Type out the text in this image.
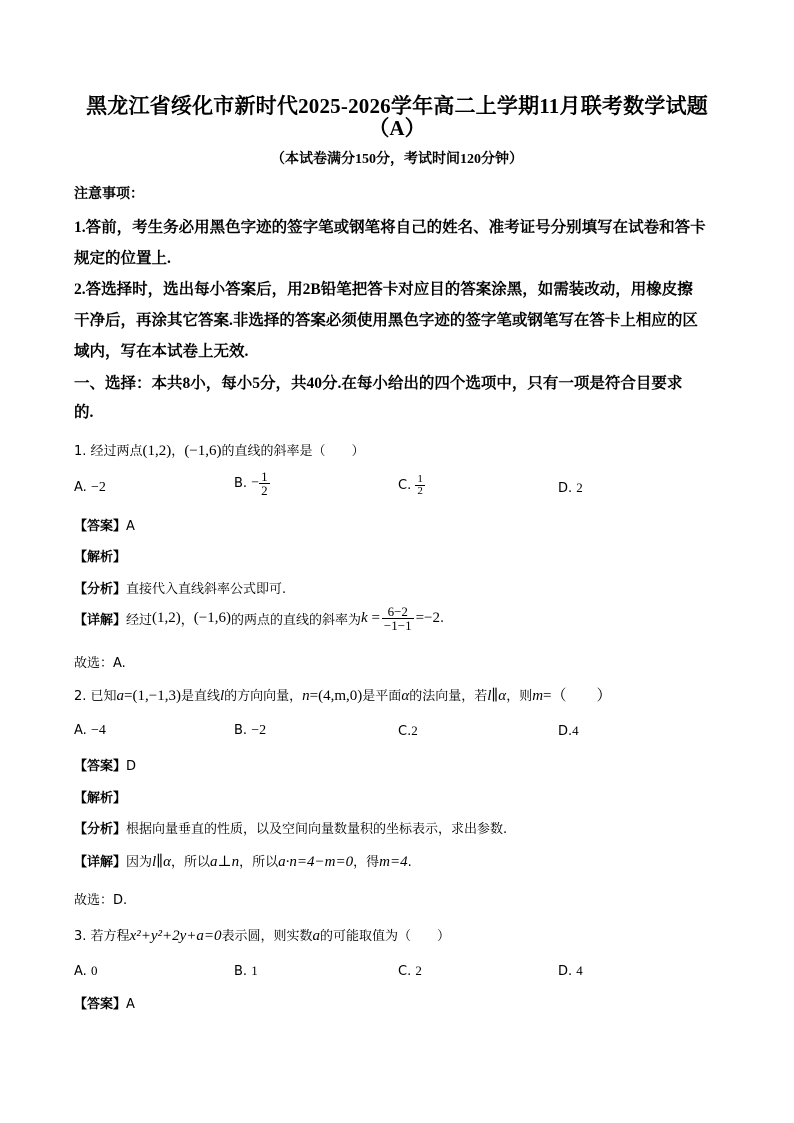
黑龙江省绥化市新时代2025-2026学年高二上学期11月联考数学试题
（A）
（本试卷满分150分，考试时间120分钟）
注意事项：
1.答前，考生务必用黑色字迹的签字笔或钢笔将自己的姓名、准考证号分别填写在试卷和答卡
规定的位置上.
2.答选择时，选出每小答案后，用2B铅笔把答卡对应目的答案涂黑，如需装改动，用橡皮擦
干净后，再涂其它答案.非选择的答案必须使用黑色字迹的签字笔或钢笔写在答卡上相应的区
域内，写在本试卷上无效.
一、选择：本共8小，每小5分，共40分.在每小给出的四个选项中，只有一项是符合目要求
的.
1. 经过两点(1,2)，(−1,6)的直线的斜率是（　　）
A. −2	B. − $\frac{1}{2}$	C. $\frac{1}{2}$	D. 2
【答案】A
【解析】
【分析】直接代入直线斜率公式即可.
【详解】经过(1,2)，(−1,6)的两点的直线的斜率为$k = \frac{6-2}{-1-1} =-2$.
故选：A.
2. 已知a=(1,−1,3)是直线l的方向向量，n=(4,m,0)是平面α的法向量，若l∥α，则m=（　　）
A. −4	B. −2	C.2	D.4
【答案】D
【解析】
【分析】根据向量垂直的性质，以及空间向量数量积的坐标表示，求出参数.
【详解】因为l∥α，所以a⊥n，所以a·n=4−m=0，得m=4.
故选：D.
3. 若方程x²+y²+2y+a=0表示圆，则实数a的可能取值为（　　）
A. 0	B. 1	C. 2	D. 4
【答案】A
